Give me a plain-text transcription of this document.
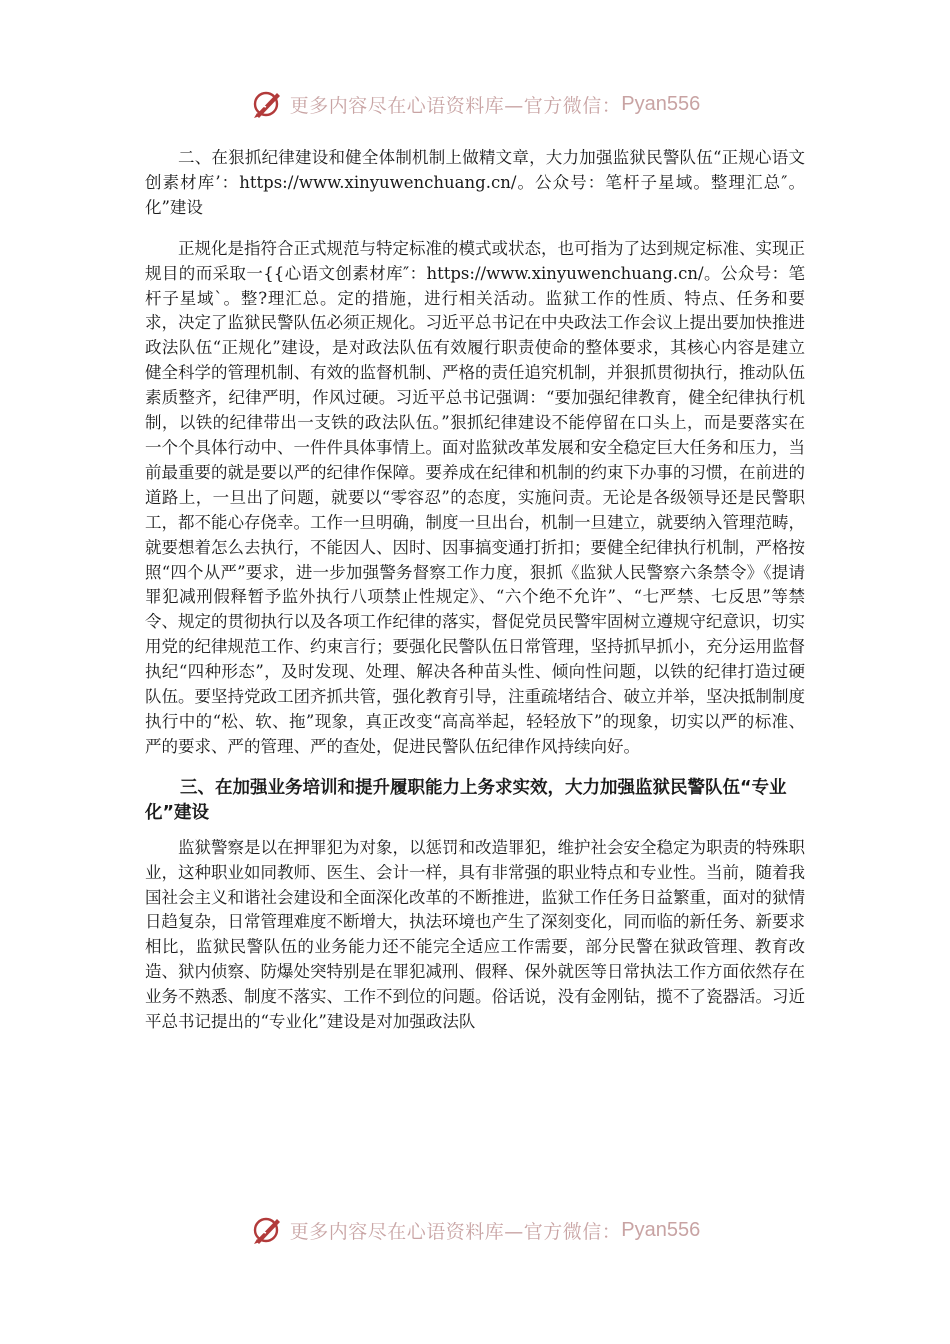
更多内容尽在心语资料库—官方微信： Pyan556

二、在狠抓纪律建设和健全体制机制上做精文章，大力加强监狱民警队伍“正规心语文创素材库’：https://www.xinyuwenchuang.cn/。公众号：笔杆子星域。整理汇总″。化”建设

正规化是指符合正式规范与特定标准的模式或状态，也可指为了达到规定标准、实现正规目的而采取一{{心语文创素材库″：https://www.xinyuwenchuang.cn/。公众号：笔杆子星域`。整?理汇总。定的措施，进行相关活动。监狱工作的性质、特点、任务和要求，决定了监狱民警队伍必须正规化。习近平总书记在中央政法工作会议上提出要加快推进政法队伍“正规化”建设，是对政法队伍有效履行职责使命的整体要求，其核心内容是建立健全科学的管理机制、有效的监督机制、严格的责任追究机制，并狠抓贯彻执行，推动队伍素质整齐，纪律严明，作风过硬。习近平总书记强调：“要加强纪律教育，健全纪律执行机制，以铁的纪律带出一支铁的政法队伍。”狠抓纪律建设不能停留在口头上，而是要落实在一个个具体行动中、一件件具体事情上。面对监狱改革发展和安全稳定巨大任务和压力，当前最重要的就是要以严的纪律作保障。要养成在纪律和机制的约束下办事的习惯，在前进的道路上，一旦出了问题，就要以“零容忍”的态度，实施问责。无论是各级领导还是民警职工，都不能心存侥幸。工作一旦明确，制度一旦出台，机制一旦建立，就要纳入管理范畴，就要想着怎么去执行，不能因人、因时、因事搞变通打折扣；要健全纪律执行机制，严格按照“四个从严”要求，进一步加强警务督察工作力度，狠抓《监狱人民警察六条禁令》《提请罪犯减刑假释暂予监外执行八项禁止性规定》、“六个绝不允许”、“七严禁、七反思”等禁令、规定的贯彻执行以及各项工作纪律的落实，督促党员民警牢固树立遵规守纪意识，切实用党的纪律规范工作、约束言行；要强化民警队伍日常管理，坚持抓早抓小，充分运用监督执纪“四种形态”，及时发现、处理、解决各种苗头性、倾向性问题，以铁的纪律打造过硬队伍。要坚持党政工团齐抓共管，强化教育引导，注重疏堵结合、破立并举，坚决抵制制度执行中的“松、软、拖”现象，真正改变“高高举起，轻轻放下”的现象，切实以严的标准、严的要求、严的管理、严的查处，促进民警队伍纪律作风持续向好。

三、在加强业务培训和提升履职能力上务求实效，大力加强监狱民警队伍“专业化”建设

监狱警察是以在押罪犯为对象，以惩罚和改造罪犯，维护社会安全稳定为职责的特殊职业，这种职业如同教师、医生、会计一样，具有非常强的职业特点和专业性。当前，随着我国社会主义和谐社会建设和全面深化改革的不断推进，监狱工作任务日益繁重，面对的狱情日趋复杂，日常管理难度不断增大，执法环境也产生了深刻变化，同而临的新任务、新要求相比，监狱民警队伍的业务能力还不能完全适应工作需要，部分民警在狱政管理、教育改造、狱内侦察、防爆处突特别是在罪犯减刑、假释、保外就医等日常执法工作方面依然存在业务不熟悉、制度不落实、工作不到位的问题。俗话说，没有金刚钻，揽不了瓷器活。习近平总书记提出的“专业化”建设是对加强政法队

更多内容尽在心语资料库—官方微信： Pyan556
